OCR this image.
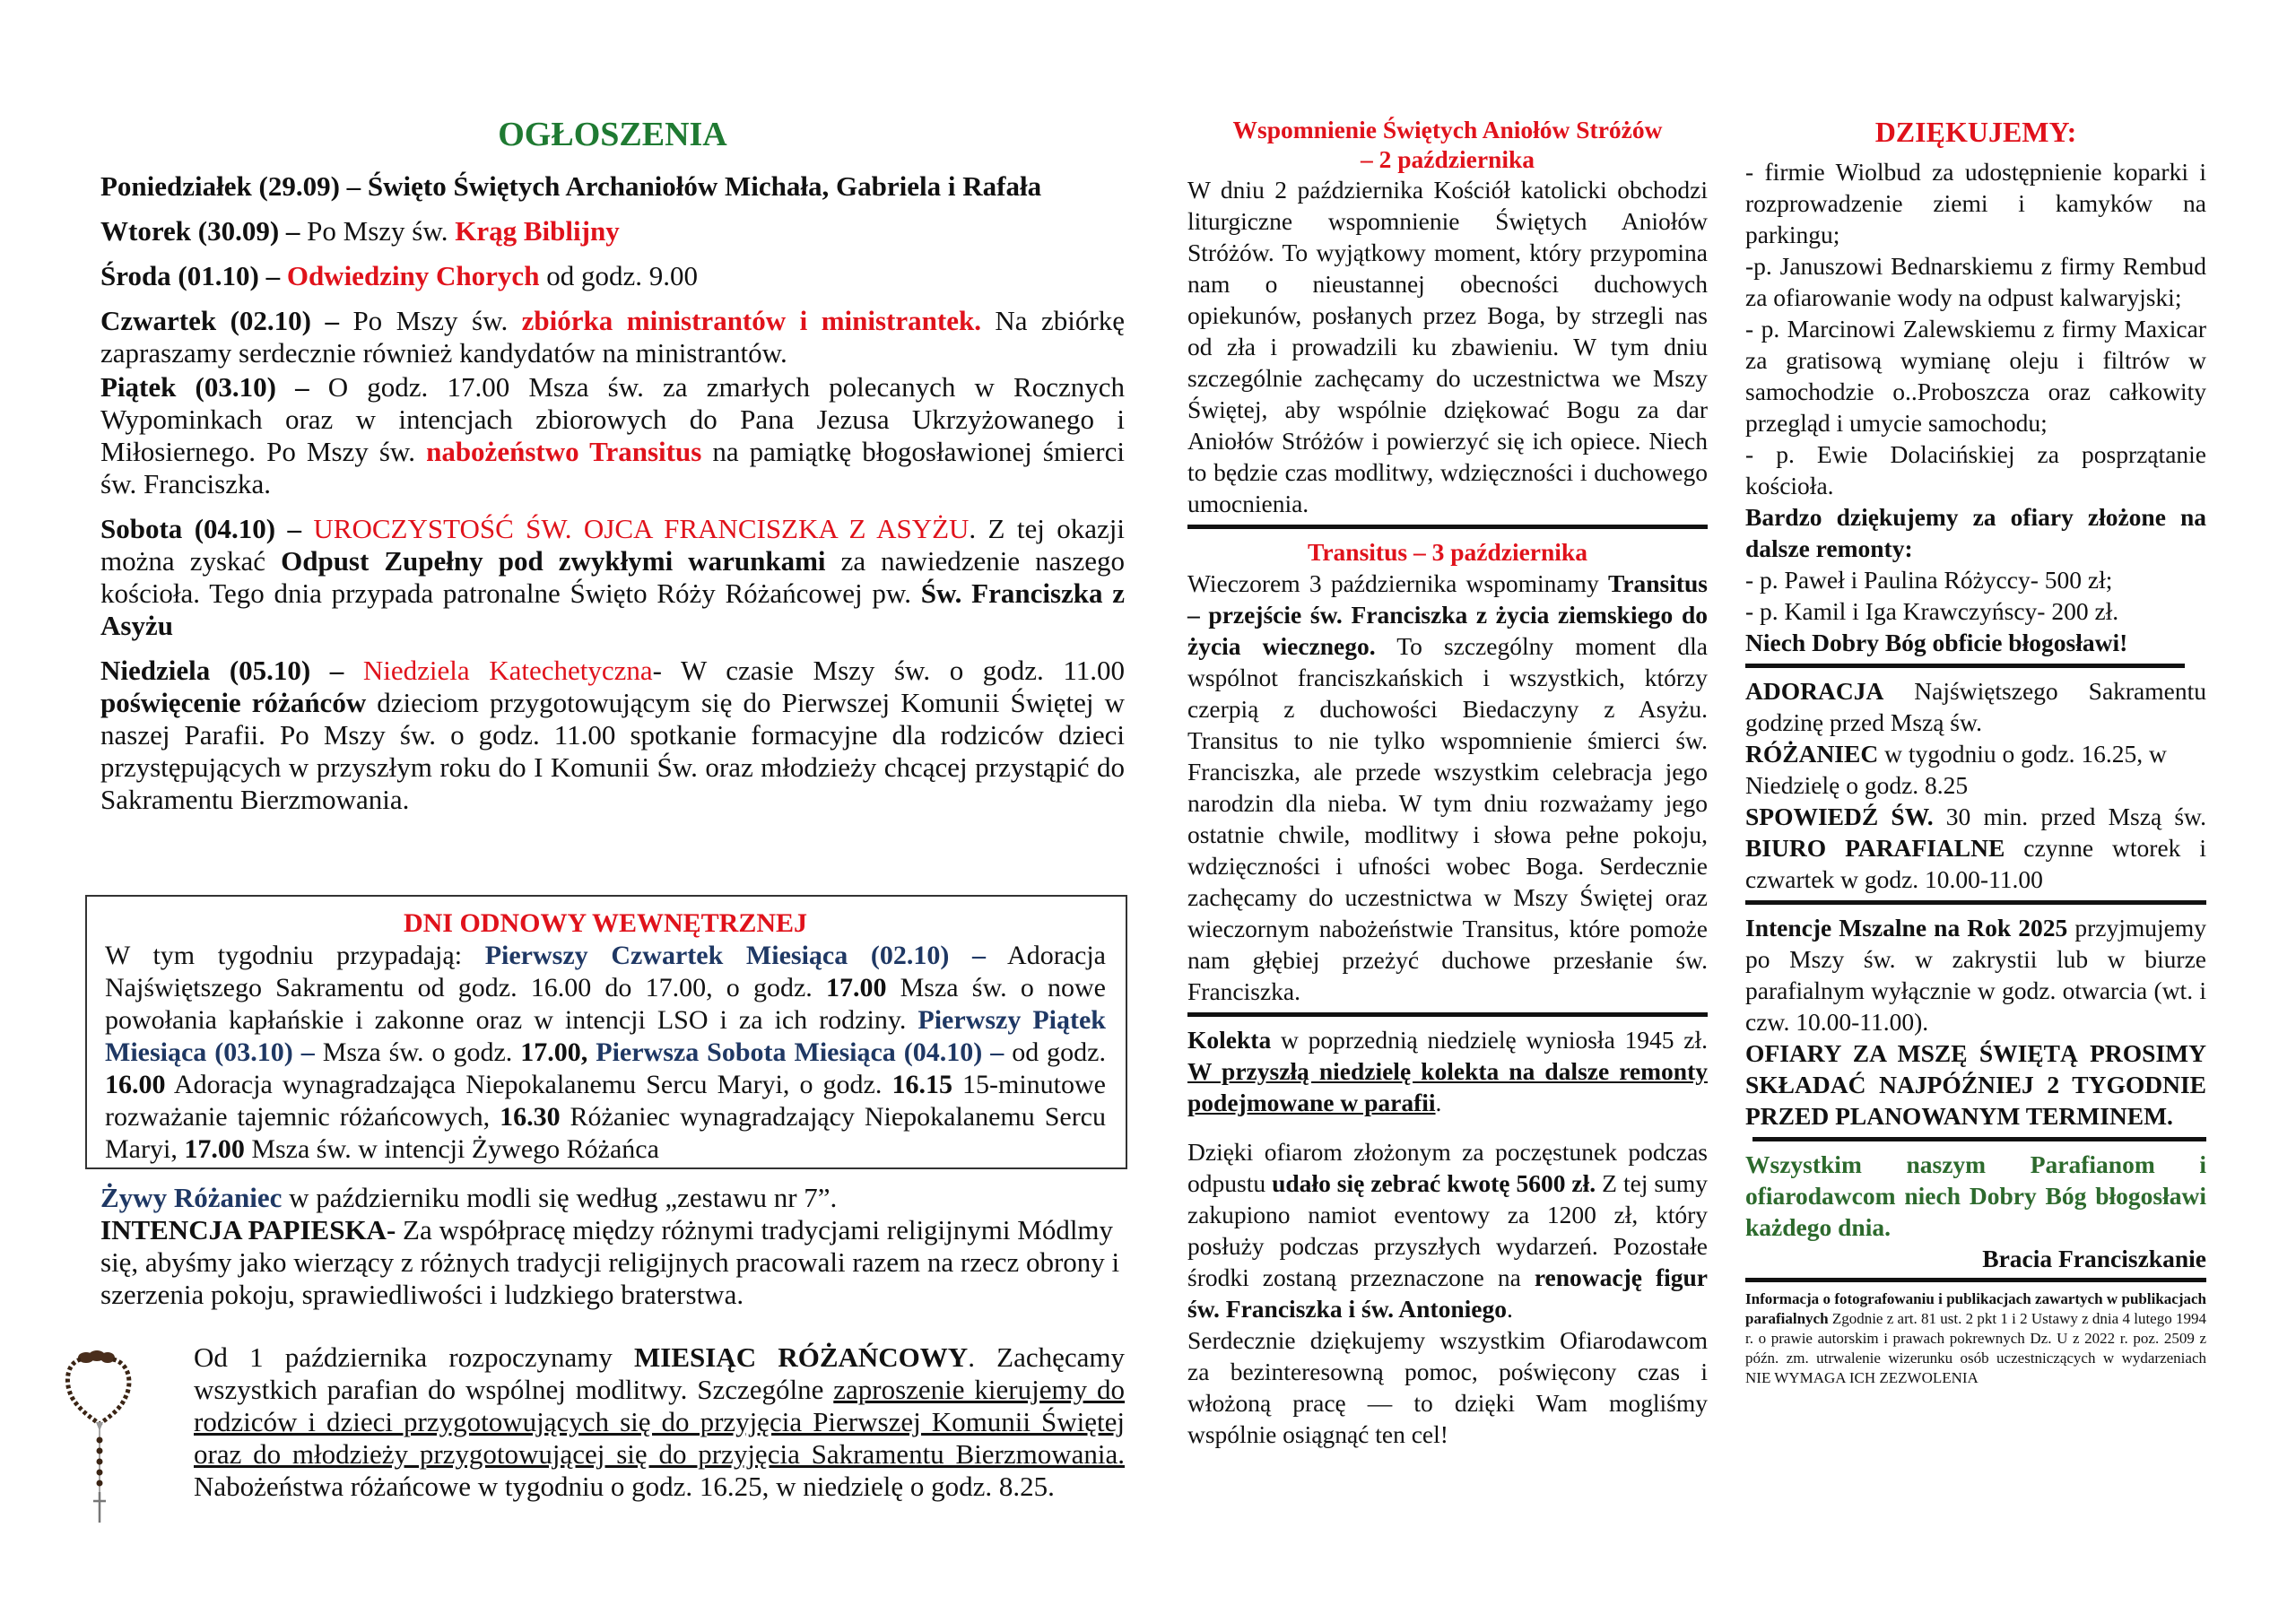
OGŁOSZENIA

Poniedziałek (29.09) – Święto Świętych Archaniołów Michała, Gabriela i Rafała

Wtorek (30.09) – Po Mszy św. Krąg Biblijny

Środa (01.10) – Odwiedziny Chorych od godz. 9.00

Czwartek (02.10) – Po Mszy św. zbiórka ministrantów i ministrantek. Na zbiórkę zapraszamy serdecznie również kandydatów na ministrantów.

Piątek (03.10) – O godz. 17.00 Msza św. za zmarłych polecanych w Rocznych Wypominkach oraz w intencjach zbiorowych do Pana Jezusa Ukrzyżowanego i Miłosiernego. Po Mszy św. nabożeństwo Transitus na pamiątkę błogosławionej śmierci św. Franciszka.

Sobota (04.10) – UROCZYSTOŚĆ ŚW. OJCA FRANCISZKA Z ASYŻU. Z tej okazji można zyskać Odpust Zupełny pod zwykłymi warunkami za nawiedzenie naszego kościoła. Tego dnia przypada patronalne Święto Róży Różańcowej pw. Św. Franciszka z Asyżu

Niedziela (05.10) – Niedziela Katechetyczna- W czasie Mszy św. o godz. 11.00 poświęcenie różańców dzieciom przygotowującym się do Pierwszej Komunii Świętej w naszej Parafii. Po Mszy św. o godz. 11.00 spotkanie formacyjne dla rodziców dzieci przystępujących w przyszłym roku do I Komunii Św. oraz młodzieży chcącej przystąpić do Sakramentu Bierzmowania.

DNI ODNOWY WEWNĘTRZNEJ

W tym tygodniu przypadają: Pierwszy Czwartek Miesiąca (02.10) – Adoracja Najświętszego Sakramentu od godz. 16.00 do 17.00, o godz. 17.00 Msza św. o nowe powołania kapłańskie i zakonne oraz w intencji LSO i za ich rodziny. Pierwszy Piątek Miesiąca (03.10) – Msza św. o godz. 17.00, Pierwsza Sobota Miesiąca (04.10) – od godz. 16.00 Adoracja wynagradzająca Niepokalanemu Sercu Maryi, o godz. 16.15 15-minutowe rozważanie tajemnic różańcowych, 16.30 Różaniec wynagradzający Niepokalanemu Sercu Maryi, 17.00 Msza św. w intencji Żywego Różańca

Żywy Różaniec w październiku modli się według „zestawu nr 7”.

INTENCJA PAPIESKA- Za współpracę między różnymi tradycjami religijnymi Módlmy się, abyśmy jako wierzący z różnych tradycji religijnych pracowali razem na rzecz obrony i szerzenia pokoju, sprawiedliwości i ludzkiego braterstwa.

Od 1 października rozpoczynamy MIESIĄC RÓŻAŃCOWY. Zachęcamy wszystkich parafian do wspólnej modlitwy. Szczególne zaproszenie kierujemy do rodziców i dzieci przygotowujących się do przyjęcia Pierwszej Komunii Świętej oraz do młodzieży przygotowującej się do przyjęcia Sakramentu Bierzmowania. Nabożeństwa różańcowe w tygodniu o godz. 16.25, w niedzielę o godz. 8.25.

Wspomnienie Świętych Aniołów Stróżów
– 2 października

W dniu 2 października Kościół katolicki obchodzi liturgiczne wspomnienie Świętych Aniołów Stróżów. To wyjątkowy moment, który przypomina nam o nieustannej obecności duchowych opiekunów, posłanych przez Boga, by strzegli nas od zła i prowadzili ku zbawieniu. W tym dniu szczególnie zachęcamy do uczestnictwa we Mszy Świętej, aby wspólnie dziękować Bogu za dar Aniołów Stróżów i powierzyć się ich opiece. Niech to będzie czas modlitwy, wdzięczności i duchowego umocnienia.

Transitus – 3 października

Wieczorem 3 października wspominamy Transitus – przejście św. Franciszka z życia ziemskiego do życia wiecznego. To szczególny moment dla wspólnot franciszkańskich i wszystkich, którzy czerpią z duchowości Biedaczyny z Asyżu. Transitus to nie tylko wspomnienie śmierci św. Franciszka, ale przede wszystkim celebracja jego narodzin dla nieba. W tym dniu rozważamy jego ostatnie chwile, modlitwy i słowa pełne pokoju, wdzięczności i ufności wobec Boga. Serdecznie zachęcamy do uczestnictwa w Mszy Świętej oraz wieczornym nabożeństwie Transitus, które pomoże nam głębiej przeżyć duchowe przesłanie św. Franciszka.

Kolekta w poprzednią niedzielę wyniosła 1945 zł. W przyszłą niedzielę kolekta na dalsze remonty podejmowane w parafii.

Dzięki ofiarom złożonym za poczęstunek podczas odpustu udało się zebrać kwotę 5600 zł. Z tej sumy zakupiono namiot eventowy za 1200 zł, który posłuży podczas przyszłych wydarzeń. Pozostałe środki zostaną przeznaczone na renowację figur św. Franciszka i św. Antoniego.

Serdecznie dziękujemy wszystkim Ofiarodawcom za bezinteresowną pomoc, poświęcony czas i włożoną pracę — to dzięki Wam mogliśmy wspólnie osiągnąć ten cel!

DZIĘKUJEMY:

- firmie Wiolbud za udostępnienie koparki i rozprowadzenie ziemi i kamyków na parkingu;

-p. Januszowi Bednarskiemu z firmy Rembud za ofiarowanie wody na odpust kalwaryjski;

- p. Marcinowi Zalewskiemu z firmy Maxicar za gratisową wymianę oleju i filtrów w samochodzie o..Proboszcza oraz całkowity przegląd i umycie samochodu;

- p. Ewie Dolacińskiej za posprzątanie kościoła.

Bardzo dziękujemy za ofiary złożone na dalsze remonty:

- p. Paweł i Paulina Różyccy- 500 zł;

- p. Kamil i Iga Krawczyńscy- 200 zł.

Niech Dobry Bóg obficie błogosławi!

ADORACJA Najświętszego Sakramentu godzinę przed Mszą św.

RÓŻANIEC w tygodniu o godz. 16.25, w Niedzielę o godz. 8.25

SPOWIEDŹ ŚW. 30 min. przed Mszą św. BIURO PARAFIALNE czynne wtorek i czwartek w godz. 10.00-11.00

Intencje Mszalne na Rok 2025 przyjmujemy po Mszy św. w zakrystii lub w biurze parafialnym wyłącznie w godz. otwarcia (wt. i czw. 10.00-11.00).

OFIARY ZA MSZĘ ŚWIĘTĄ PROSIMY SKŁADAĆ NAJPÓŹNIEJ 2 TYGODNIE PRZED PLANOWANYM TERMINEM.

Wszystkim naszym Parafianom i ofiarodawcom niech Dobry Bóg błogosławi każdego dnia.

Bracia Franciszkanie

Informacja o fotografowaniu i publikacjach zawartych w publikacjach parafialnych Zgodnie z art. 81 ust. 2 pkt 1 i 2 Ustawy z dnia 4 lutego 1994 r. o prawie autorskim i prawach pokrewnych Dz. U z 2022 r. poz. 2509 z późn. zm. utrwalenie wizerunku osób uczestniczących w wydarzeniach NIE WYMAGA ICH ZEZWOLENIA
